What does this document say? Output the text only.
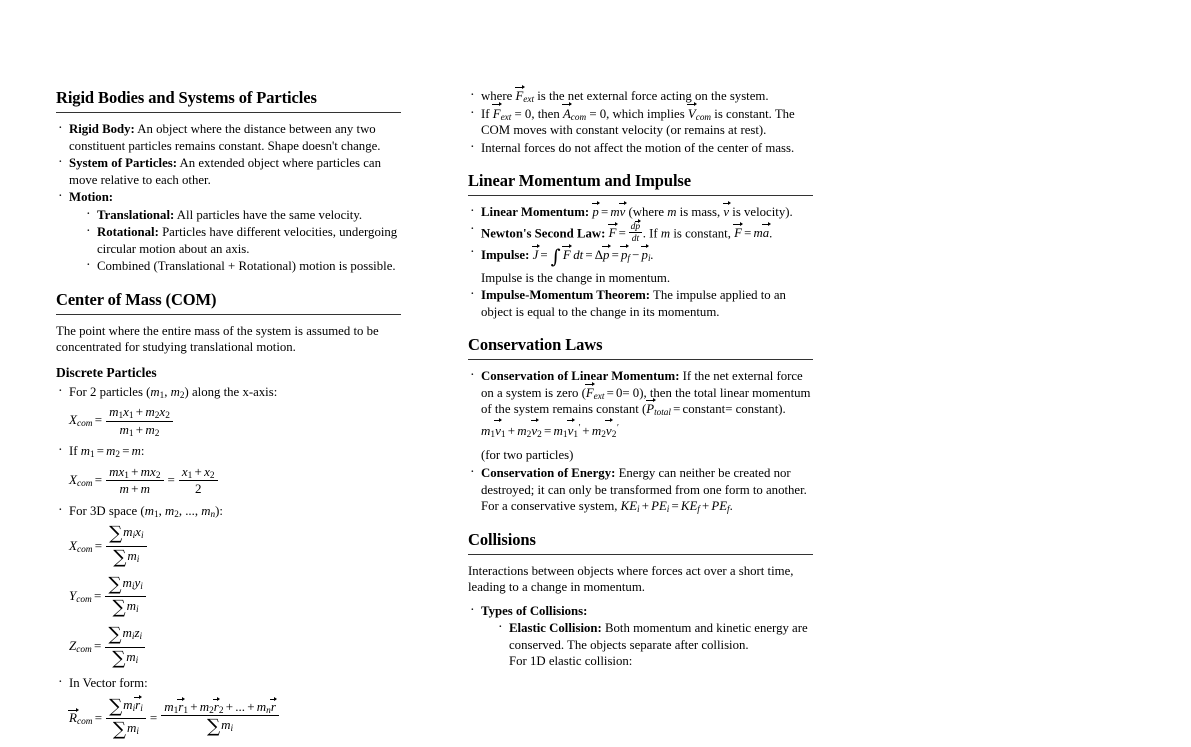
Rigid Bodies and Systems of Particles
· Rigid Body: An object where the distance between any two constituent particles remains constant. Shape doesn't change.
· System of Particles: An extended object where particles can move relative to each other.
· Motion:
· Translational: All particles have the same velocity.
· Rotational: Particles have different velocities, undergoing circular motion about an axis.
· Combined (Translational + Rotational) motion is possible.
Center of Mass (COM)

The point where the entire mass of the system is assumed to be concentrated for studying translational motion.

Discrete Particles
· For 2 particles (m1, m2) along the x-axis:
Xcom = $\frac{m1x1 + m2x2}{m1 + m2}$
· If m1 = m2 = m:
Xcom = $\frac{mx1 + mx2}{m + m} = \frac{x1 + x2}{2}$
· For 3D space (m1, m2, ..., mn):
Xcom = $\frac{\text{∑mixi}}{\sum mi}$
Ycom = $\frac{\text{∑miyi}}{\sum mi}$
Zcom = $\frac{\text{∑mizi}}{\sum mi}$
· In Vector form:
R
com = ∑mir
i
∑mi = m1r
1 + m2r
2 + ... + mnr
∑mi
· where F
ext is the net external force acting on the system.
· If F
ext = 0, then A
com = 0, which implies V
com is constant. The COM moves with constant velocity (or remains at rest).
· Internal forces do not affect the motion of the center of mass.
Linear Momentum and Impulse
· Linear Momentum: p = mv (where m is mass, v
is velocity).
· Newton's Second Law: $F = \frac{dp}{dt}$ . If m is constant, F = ma
.
· Impulse: J = ∫ F
 dt = Δp = p
f − p
i.
Impulse is the change in momentum.
· Impulse-Momentum Theorem: The impulse applied to an object is equal to the change in its momentum.
Conservation Laws
· Conservation of Linear Momentum: If the net external force on a system is zero (F
ext = 0= 0), then the total linear momentum of the system remains constant (P
total = constant= constant).
m1v
1 + m2v
2 = m1v
1′ + m2v
2′
(for two particles)
· Conservation of Energy: Energy can neither be created nor destroyed; it can only be transformed from one form to another.
For a conservative system, KEi + PEi = KEf + PEf.
Collisions

Interactions between objects where forces act over a short time, leading to a change in momentum.

· Types of Collisions:
· Elastic Collision: Both momentum and kinetic energy are conserved. The objects separate after collision.
For 1D elastic collision:
